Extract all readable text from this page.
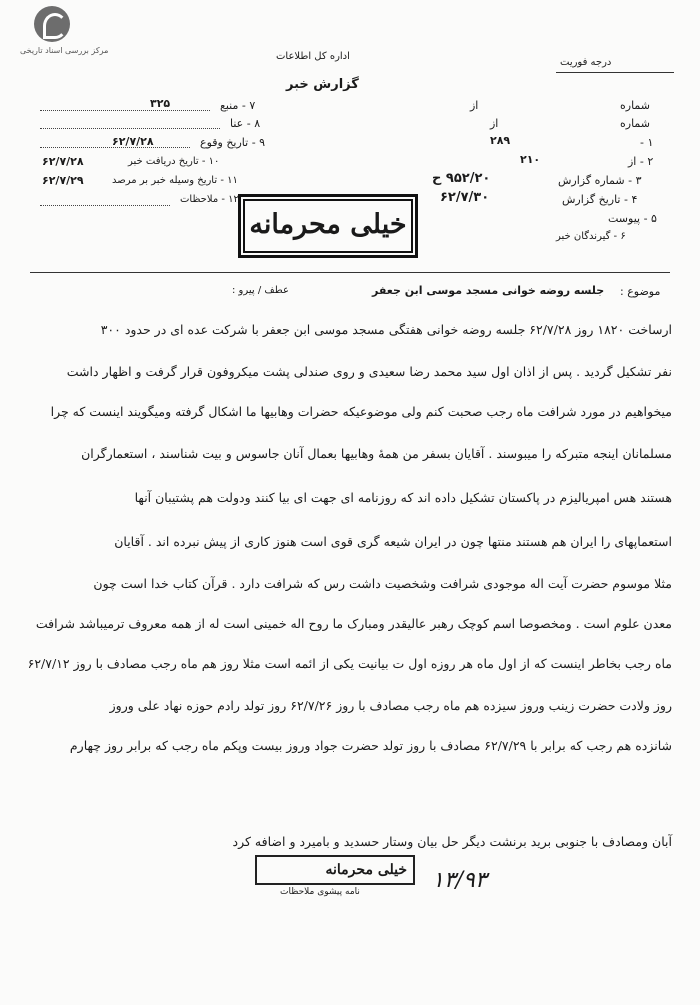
مرکز بررسی اسناد تاریخی
اداره کل اطلاعات
گزارش خبر
درجه فوریت
۷ - منبع
۳۲۵
۸ - عنا
۹ - تاریخ وقوع
۶۲/۷/۲۸
۱۰ - تاریخ دریافت خبر
۶۲/۷/۲۸
۱۱ - تاریخ وسیله خبر بر مرصد
۶۲/۷/۲۹
۱۲ - ملاحظات
شماره
از
شماره
از
۱ -
۲۸۹
۲ - از
۲۱۰
۳ - شماره گزارش
۹۵۲/۲۰ ح
۴ - تاریخ گزارش
۶۲/۷/۳۰
۵ - پیوست
۶ - گیرندگان خبر
خیلی محرمانه
موضوع :
جلسه روضه خوانی مسجد موسی ابن جعفر
عطف / پیرو :
ارساخت ۱۸۲۰ روز ۶۲/۷/۲۸ جلسه روضه خوانی هفتگی مسجد موسی ابن جعفر با شرکت عده ای در حدود ۳۰۰
نفر تشکیل گردید . پس از اذان اول سید محمد رضا سعیدی و روی صندلی پشت میکروفون قرار گرفت و اظهار داشت
میخواهیم در مورد شرافت ماه رجب صحبت کنم ولی موضوعیکه حضرات وهابیها ما اشکال گرفته ومیگویند اینست که چرا
مسلمانان اینجه متبرکه را میبوسند . آقایان بسفر من همهٔ وهابیها بعمال آنان جاسوس و بیت شناسند ، استعمارگران
هستند هس امپریالیزم در پاکستان تشکیل داده اند که روزنامه ای جهت ای بیا کنند ودولت هم پشتیبان آنها
استعماپهای را ایران هم هستند منتها چون در ایران شیعه گری قوی است هنوز کاری از پیش نبرده اند . آقایان
مثلا موسوم حضرت آیت اله موجودی شرافت وشخصیت داشت رس که شرافت دارد . قرآن کتاب خدا است چون
معدن علوم است . ومخصوصا اسم کوچک رهبر عالیقدر ومبارک ما روح اله خمینی است له از همه معروف ترمیباشد شرافت
ماه رجب بخاطر اینست که از اول ماه هر روزه اول ت بیانیت یکی از ائمه است مثلا روز هم ماه رجب مصادف با روز ۶۲/۷/۱۲
روز ولادت حضرت زینب وروز سیزده هم ماه رجب مصادف با روز ۶۲/۷/۲۶ روز تولد رادم حوزه نهاد علی وروز
شانزده هم رجب که برابر با ۶۲/۷/۲۹ مصادف با روز تولد حضرت جواد وروز بیست وپکم ماه رجب که برابر روز چهارم
آبان ومصادف با جنوبی برید برنشت دیگر حل بیان وستار حسدید و بامیرد و اضافه کرد
خیلی محرمانه
نامه پیشوی ملاحظات	۱۳/۹۳
